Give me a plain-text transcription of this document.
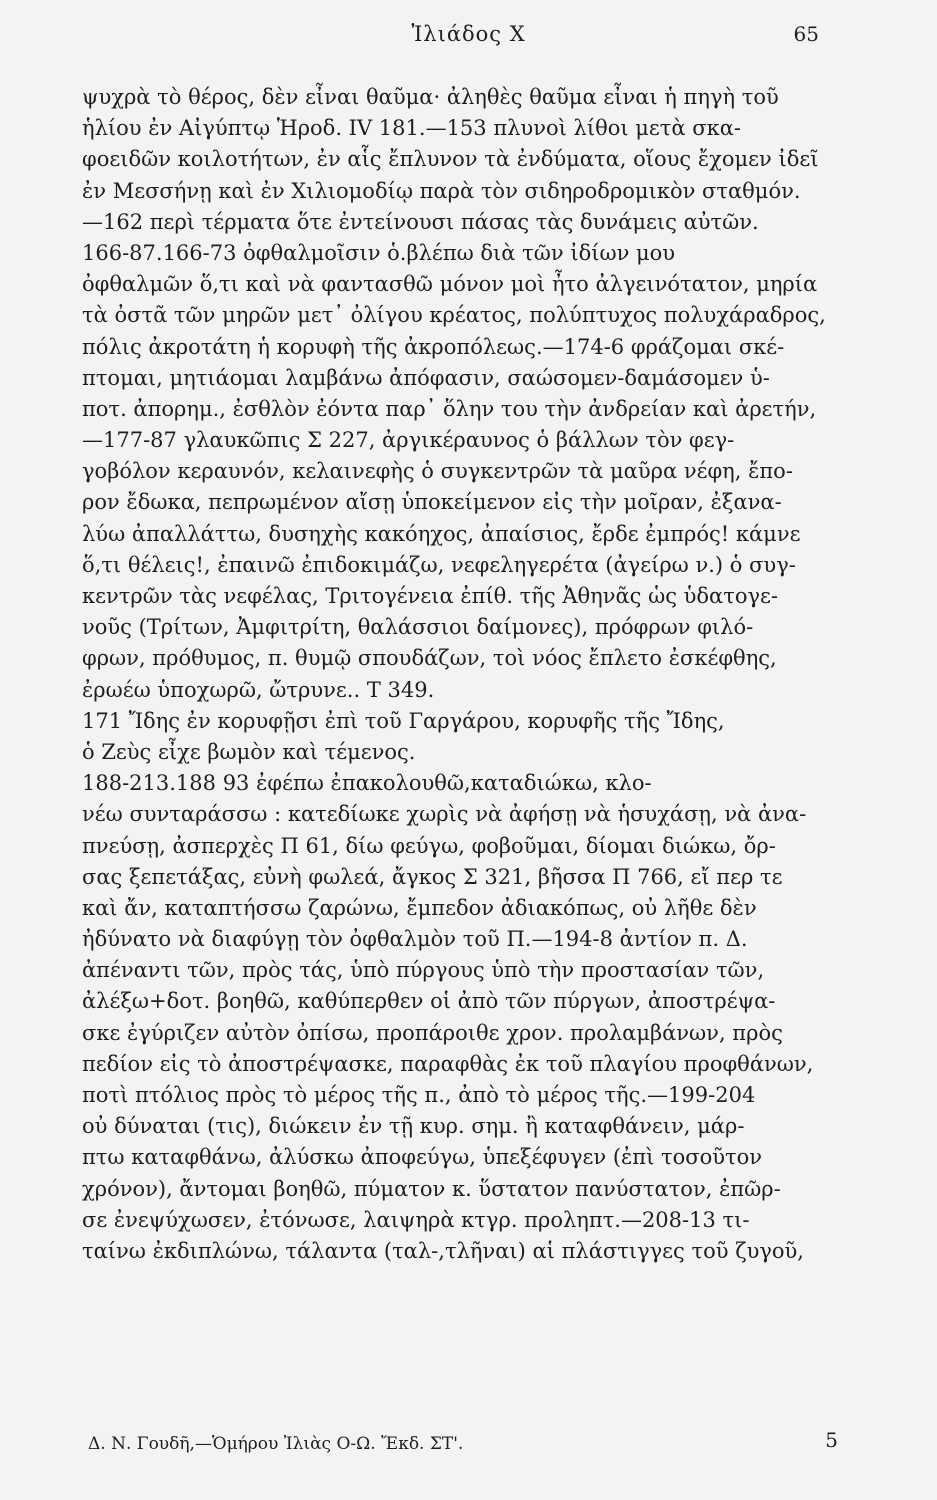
Ἰλιάδος Χ	65
ψυχρὰ τὸ θέρος, δὲν εἶναι θαῦμα· ἀληθὲς θαῦμα εἶναι ἡ πηγὴ τοῦ
ἡλίου ἐν Αἰγύπτῳ Ἡροδ. IV 181.—153 πλυνοὶ λίθοι μετὰ σκα-
φοειδῶν κοιλοτήτων, ἐν αἷς ἔπλυνον τὰ ἐνδύματα, οἵους ἔχομεν ἰδεῖ
ἐν Μεσσήνῃ καὶ ἐν Χιλιομοδίῳ παρὰ τὸν σιδηροδρομικὸν σταθμόν.
—162 περὶ τέρματα ὅτε ἐντείνουσι πάσας τὰς δυνάμεις αὐτῶν.
166-87.166-73 ὀφθαλμοῖσιν ὁ.βλέπω διὰ τῶν ἰδίων μου
ὀφθαλμῶν ὅ,τι καὶ νὰ φαντασθῶ μόνον μοὶ ἦτο ἀλγεινότατον, μηρία
τὰ ὀστᾶ τῶν μηρῶν μετ᾽ ὀλίγου κρέατος, πολύπτυχος πολυχάραδρος,
πόλις ἀκροτάτη ἡ κορυφὴ τῆς ἀκροπόλεως.—174-6 φράζομαι σκέ-
πτομαι, μητιάομαι λαμβάνω ἀπόφασιν, σαώσομεν-δαμάσομεν ὑ-
ποτ. ἀπορημ., ἐσθλὸν ἐόντα παρ᾽ ὅλην του τὴν ἀνδρείαν καὶ ἀρετήν,
—177-87 γλαυκῶπις Σ 227, ἀργικέραυνος ὁ βάλλων τὸν φεγ-
γοβόλον κεραυνόν, κελαινεφὴς ὁ συγκεντρῶν τὰ μαῦρα νέφη, ἔπο-
ρον ἔδωκα, πεπρωμένον αἴσῃ ὑποκείμενον εἰς τὴν μοῖραν, ἐξανα-
λύω ἀπαλλάττω, δυσηχὴς κακόηχος, ἀπαίσιος, ἔρδε ἐμπρός! κάμνε
ὅ,τι θέλεις!, ἐπαινῶ ἐπιδοκιμάζω, νεφεληγερέτα (ἀγείρω ν.) ὁ συγ-
κεντρῶν τὰς νεφέλας, Τριτογένεια ἐπίθ. τῆς Ἀθηνᾶς ὡς ὑδατογε-
νοῦς (Τρίτων, Ἀμφιτρίτη, θαλάσσιοι δαίμονες), πρόφρων φιλό-
φρων, πρόθυμος, π. θυμῷ σπουδάζων, τοὶ νόος ἔπλετο ἐσκέφθης,
ἐρωέω ὑποχωρῶ, ὤτρυνε.. Τ 349.
171 Ἴδης ἐν κορυφῇσι ἐπὶ τοῦ Γαργάρου, κορυφῆς τῆς Ἴδης,
ὁ Ζεὺς εἶχε βωμὸν καὶ τέμενος.
188-213.188 93 ἐφέπω ἐπακολουθῶ,καταδιώκω, κλο-
νέω συνταράσσω : κατεδίωκε χωρὶς νὰ ἀφήσῃ νὰ ἡσυχάσῃ, νὰ ἀνα-
πνεύσῃ, ἀσπερχὲς Π 61, δίω φεύγω, φοβοῦμαι, δίομαι διώκω, ὄρ-
σας ξεπετάξας, εὐνὴ φωλεά, ἄγκος Σ 321, βῆσσα Π 766, εἴ περ τε
καὶ ἄν, καταπτήσσω ζαρώνω, ἔμπεδον ἀδιακόπως, οὐ λῆθε δὲν
ἠδύνατο νὰ διαφύγῃ τὸν ὀφθαλμὸν τοῦ Π.—194-8 ἀντίον π. Δ.
ἀπέναντι τῶν, πρὸς τάς, ὑπὸ πύργους ὑπὸ τὴν προστασίαν τῶν,
ἀλέξω+δοτ. βοηθῶ, καθύπερθεν οἱ ἀπὸ τῶν πύργων, ἀποστρέψα-
σκε ἐγύριζεν αὐτὸν ὀπίσω, προπάροιθε χρον. προλαμβάνων, πρὸς
πεδίον εἰς τὸ ἀποστρέψασκε, παραφθὰς ἐκ τοῦ πλαγίου προφθάνων,
ποτὶ πτόλιος πρὸς τὸ μέρος τῆς π., ἀπὸ τὸ μέρος τῆς.—199-204
οὐ δύναται (τις), διώκειν ἐν τῇ κυρ. σημ. ἢ καταφθάνειν, μάρ-
πτω καταφθάνω, ἀλύσκω ἀποφεύγω, ὑπεξέφυγεν (ἐπὶ τοσοῦτον
χρόνον), ἄντομαι βοηθῶ, πύματον κ. ὕστατον πανύστατον, ἐπῶρ-
σε ἐνεψύχωσεν, ἐτόνωσε, λαιψηρὰ κτγρ. προληπτ.—208-13 τι-
ταίνω ἐκδιπλώνω, τάλαντα (ταλ-,τλῆναι) αἱ πλάστιγγες τοῦ ζυγοῦ,
Δ. Ν. Γουδῆ,—Ὁμήρου Ἰλιὰς Ο-Ω. Ἔκδ. ΣΤ'.	5
